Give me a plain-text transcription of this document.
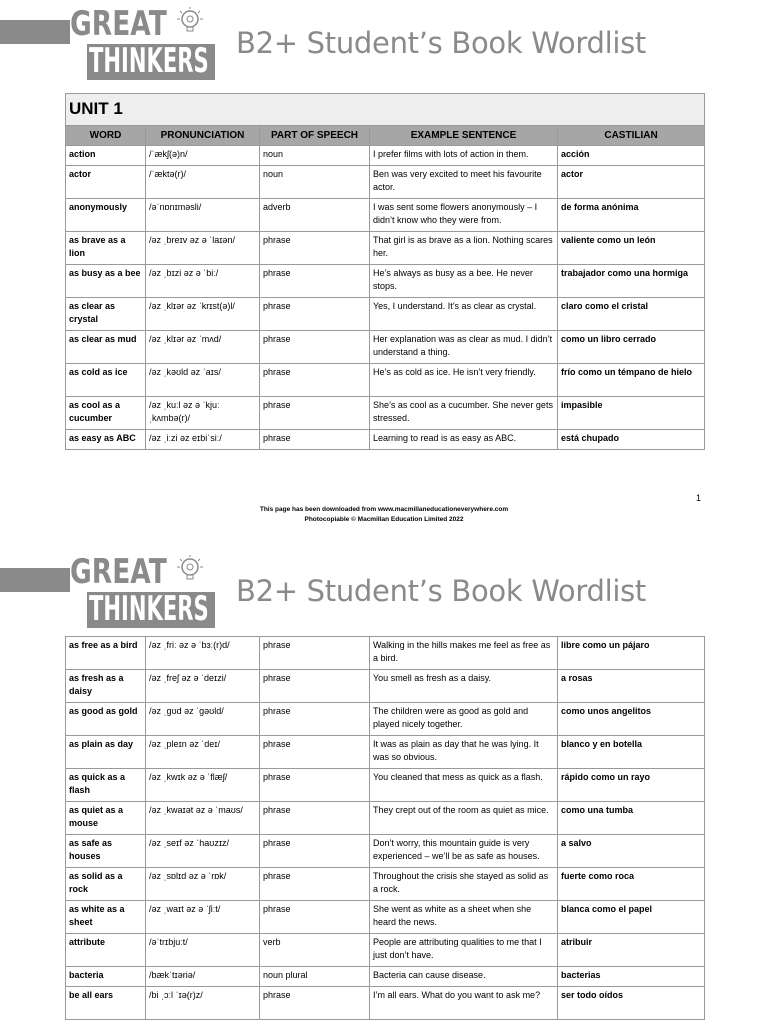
GREAT
THINKERS B2+ Student’s Book Wordlist
UNIT 1				
WORD	PRONUNCIATION	PART OF SPEECH	EXAMPLE SENTENCE	CASTILIAN
action	/ˈækʃ(ə)n/	noun	I prefer films with lots of action in them.	acción
actor	/ˈæktə(r)/	noun	Ben was very excited to meet his favourite actor.	actor
anonymously	/əˈnɒnɪməsli/	adverb	I was sent some flowers anonymously – I didn’t know who they were from.	de forma anónima
as brave as a lion	/əz ˌbreɪv əz ə ˈlaɪən/	phrase	That girl is as brave as a lion. Nothing scares her.	valiente como un león
as busy as a bee	/əz ˌbɪzi əz ə ˈbiː/	phrase	He’s always as busy as a bee. He never stops.	trabajador como una hormiga
as clear as crystal	/əz ˌklɪər əz ˈkrɪst(ə)l/	phrase	Yes, I understand. It’s as clear as crystal.	claro como el cristal
as clear as mud	/əz ˌklɪər əz ˈmʌd/	phrase	Her explanation was as clear as mud. I didn’t understand a thing.	como un libro cerrado
as cold as ice	/əz ˌkəʊld əz ˈaɪs/	phrase	He’s as cold as ice. He isn’t very friendly.	frío como un témpano de hielo
as cool as a cucumber	/əz ˌkuːl əz ə ˈkjuːˌkʌmbə(r)/	phrase	She’s as cool as a cucumber. She never gets stressed.	impasible
as easy as ABC	/əz ˌiːzi əz eɪbiˈsiː/	phrase	Learning to read is as easy as ABC.	está chupado
1
This page has been downloaded from www.macmillaneducationeverywhere.com
Photocopiable © Macmillan Education Limited 2022
GREAT
THINKERS B2+ Student’s Book Wordlist
as free as a bird	/əz ˌfriː əz ə ˈbɜː(r)d/	phrase	Walking in the hills makes me feel as free as a bird.	libre como un pájaro
as fresh as a daisy	/əz ˌfreʃ əz ə ˈdeɪzi/	phrase	You smell as fresh as a daisy.	a rosas
as good as gold	/əz ˌɡʊd əz ˈɡəʊld/	phrase	The children were as good as gold and played nicely together.	como unos angelitos
as plain as day	/əz ˌpleɪn əz ˈdeɪ/	phrase	It was as plain as day that he was lying. It was so obvious.	blanco y en botella
as quick as a flash	/əz ˌkwɪk əz ə ˈflæʃ/	phrase	You cleaned that mess as quick as a flash.	rápido como un rayo
as quiet as a mouse	/əz ˌkwaɪət əz ə ˈmaʊs/	phrase	They crept out of the room as quiet as mice.	como una tumba
as safe as houses	/əz ˌseɪf əz ˈhaʊzɪz/	phrase	Don’t worry, this mountain guide is very experienced – we’ll be as safe as houses.	a salvo
as solid as a rock	/əz ˌsɒlɪd əz ə ˈrɒk/	phrase	Throughout the crisis she stayed as solid as a rock.	fuerte como roca
as white as a sheet	/əz ˌwaɪt əz ə ˈʃiːt/	phrase	She went as white as a sheet when she heard the news.	blanca como el papel
attribute	/əˈtrɪbjuːt/	verb	People are attributing qualities to me that I just don’t have.	atribuir
bacteria	/bækˈtɪəriə/	noun plural	Bacteria can cause disease.	bacterias
be all ears	/bi ˌɔːl ˈɪə(r)z/	phrase	I’m all ears. What do you want to ask me?	ser todo oídos
